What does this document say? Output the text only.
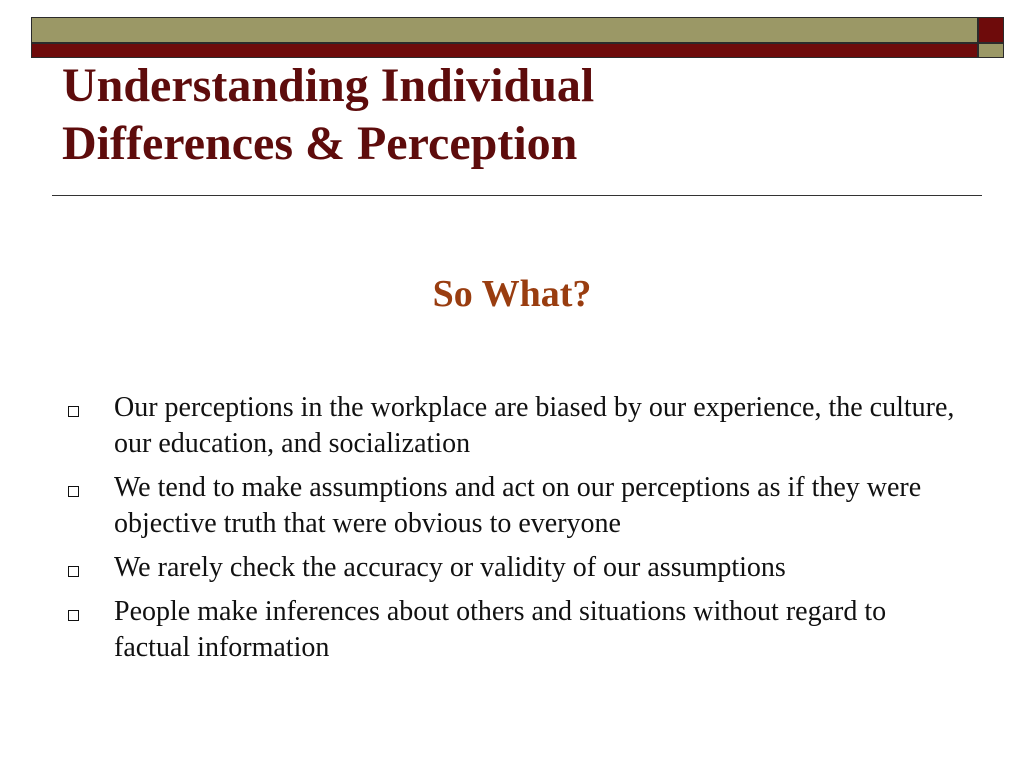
Understanding Individual
Differences & Perception
So What?
Our perceptions in the workplace are biased by our experience, the culture, our education, and socialization
We tend to make assumptions and act on our perceptions as if they were objective truth that were obvious to everyone
We rarely check the accuracy or validity of our assumptions
People make inferences about others and situations without regard to factual information
